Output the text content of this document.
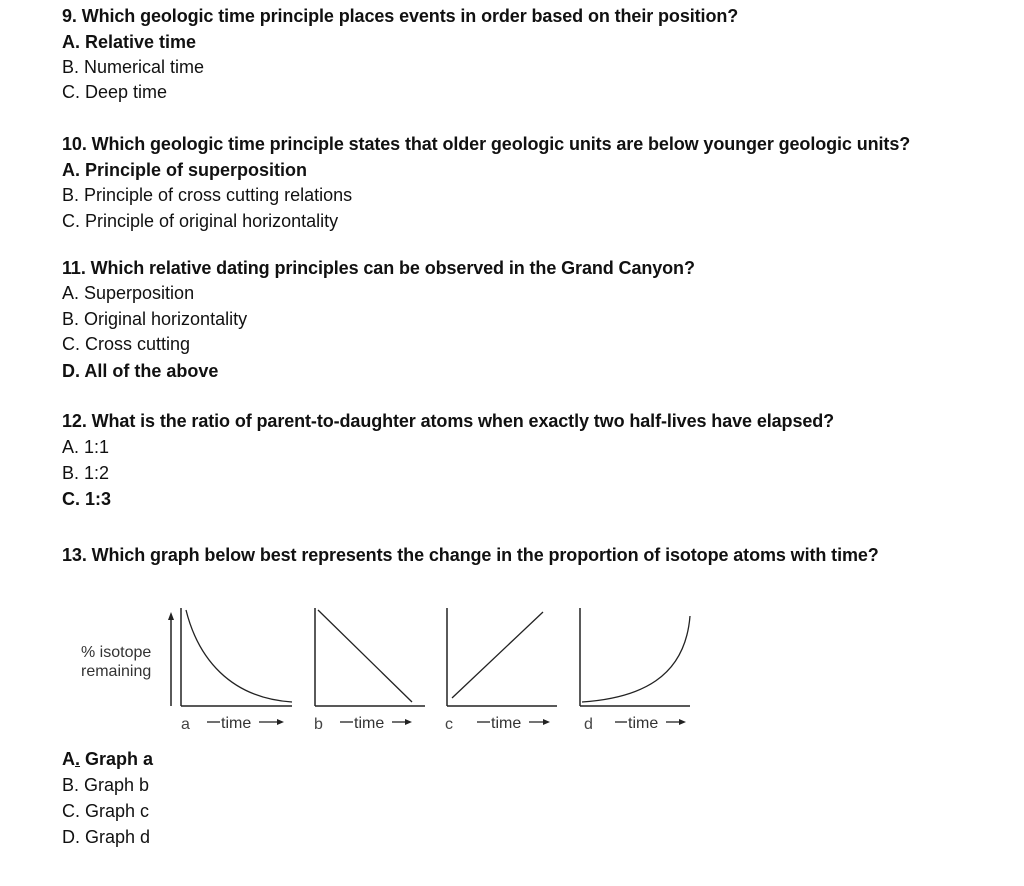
9. Which geologic time principle places events in order based on their position?
A. Relative time
B. Numerical time
C. Deep time
10. Which geologic time principle states that older geologic units are below younger geologic units?
A. Principle of superposition
B. Principle of cross cutting relations
C. Principle of original horizontality
11. Which relative dating principles can be observed in the Grand Canyon?
A. Superposition
B. Original horizontality
C. Cross cutting
D. All of the above
12. What is the ratio of parent-to-daughter atoms when exactly two half-lives have elapsed?
A. 1:1
B. 1:2
C. 1:3
13. Which graph below best represents the change in the proportion of isotope atoms with time?
% isotope
remaining
a time	b time	c time	d time
A. Graph a
B. Graph b
C. Graph c
D. Graph d
